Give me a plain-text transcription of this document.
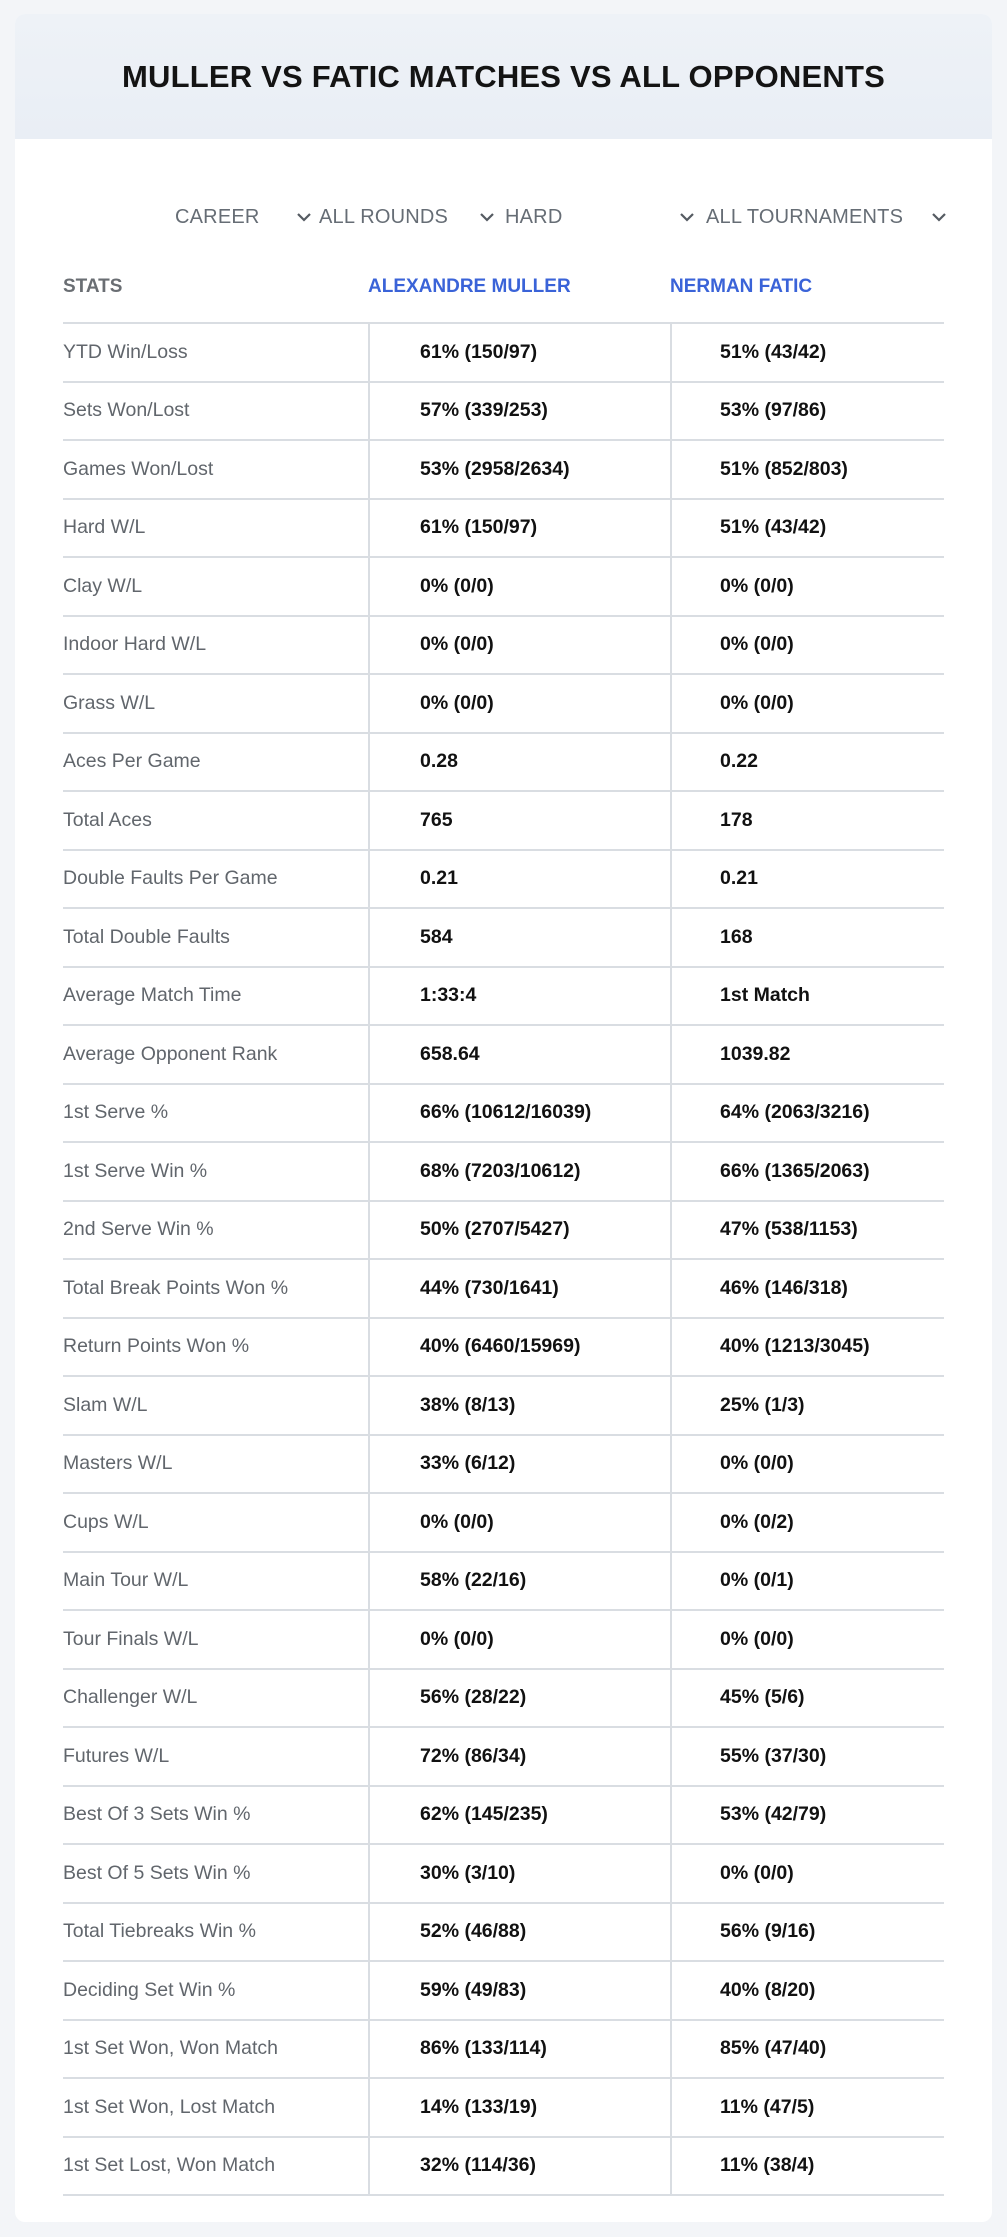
MULLER VS FATIC MATCHES VS ALL OPPONENTS
CAREER	ALL ROUNDS	HARD	ALL TOURNAMENTS
STATS	ALEXANDRE MULLER	NERMAN FATIC
YTD Win/Loss	61% (150/97)	51% (43/42)
Sets Won/Lost	57% (339/253)	53% (97/86)
Games Won/Lost	53% (2958/2634)	51% (852/803)
Hard W/L	61% (150/97)	51% (43/42)
Clay W/L	0% (0/0)	0% (0/0)
Indoor Hard W/L	0% (0/0)	0% (0/0)
Grass W/L	0% (0/0)	0% (0/0)
Aces Per Game	0.28	0.22
Total Aces	765	178
Double Faults Per Game	0.21	0.21
Total Double Faults	584	168
Average Match Time	1:33:4	1st Match
Average Opponent Rank	658.64	1039.82
1st Serve %	66% (10612/16039)	64% (2063/3216)
1st Serve Win %	68% (7203/10612)	66% (1365/2063)
2nd Serve Win %	50% (2707/5427)	47% (538/1153)
Total Break Points Won %	44% (730/1641)	46% (146/318)
Return Points Won %	40% (6460/15969)	40% (1213/3045)
Slam W/L	38% (8/13)	25% (1/3)
Masters W/L	33% (6/12)	0% (0/0)
Cups W/L	0% (0/0)	0% (0/2)
Main Tour W/L	58% (22/16)	0% (0/1)
Tour Finals W/L	0% (0/0)	0% (0/0)
Challenger W/L	56% (28/22)	45% (5/6)
Futures W/L	72% (86/34)	55% (37/30)
Best Of 3 Sets Win %	62% (145/235)	53% (42/79)
Best Of 5 Sets Win %	30% (3/10)	0% (0/0)
Total Tiebreaks Win %	52% (46/88)	56% (9/16)
Deciding Set Win %	59% (49/83)	40% (8/20)
1st Set Won, Won Match	86% (133/114)	85% (47/40)
1st Set Won, Lost Match	14% (133/19)	11% (47/5)
1st Set Lost, Won Match	32% (114/36)	11% (38/4)
